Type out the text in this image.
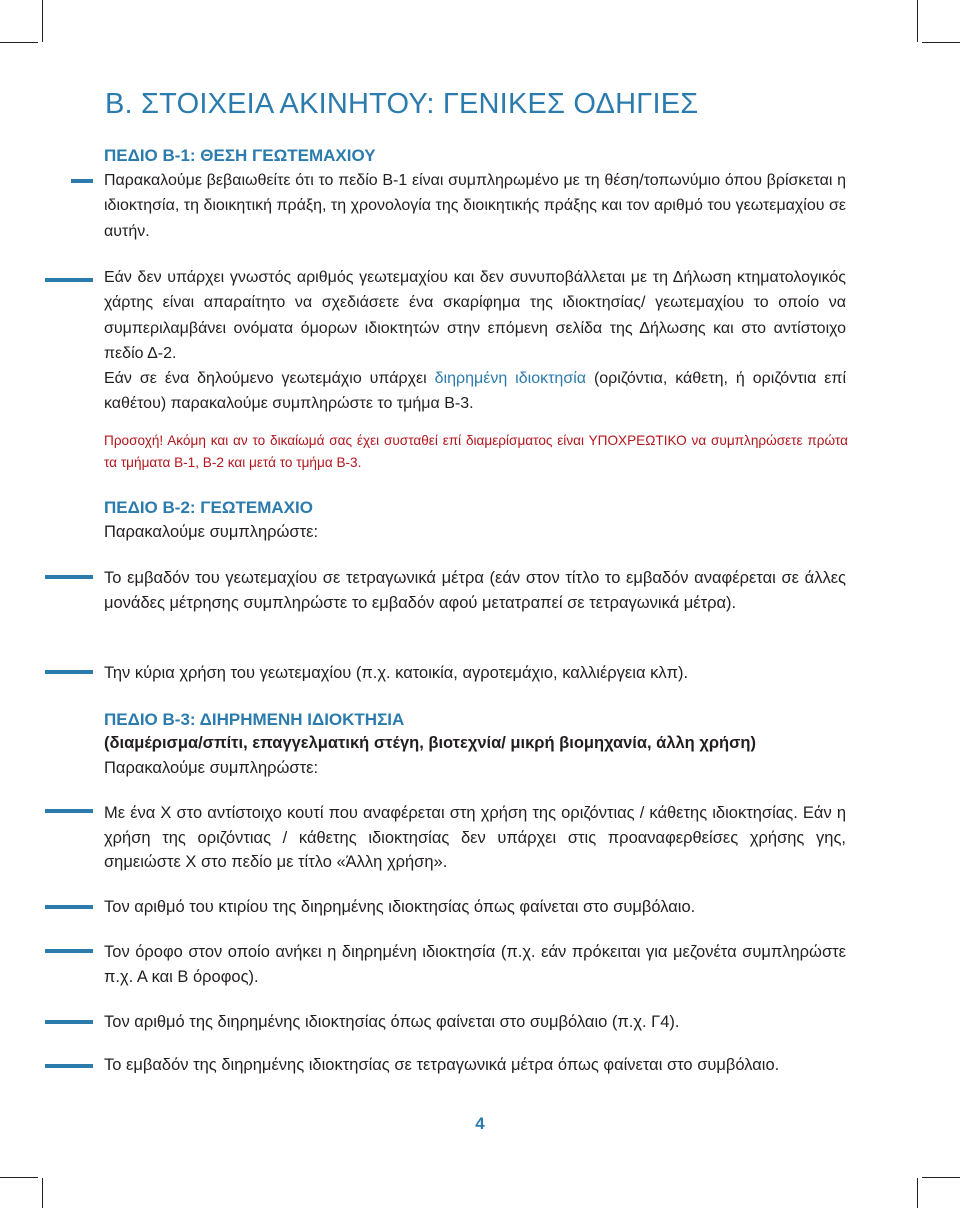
B. ΣΤΟΙΧΕΙΑ ΑΚΙΝΗΤΟΥ: ΓΕΝΙΚΕΣ ΟΔΗΓΙΕΣ
ΠΕΔΙΟ Β-1: ΘΕΣΗ ΓΕΩΤΕΜΑΧΙΟΥ

Παρακαλούμε βεβαιωθείτε ότι το πεδίο Β-1 είναι συμπληρωμένο με τη θέση/τοπωνύμιο όπου βρίσκεται η ιδιοκτησία, τη διοικητική πράξη, τη χρονολογία της διοικητικής πράξης και τον αριθμό του γεωτεμαχίου σε αυτήν.

Εάν δεν υπάρχει γνωστός αριθμός γεωτεμαχίου και δεν συνυποβάλλεται με τη Δήλωση κτηματολογικός χάρτης είναι απαραίτητο να σχεδιάσετε ένα σκαρίφημα της ιδιοκτησίας/ γεωτεμαχίου το οποίο να συμπεριλαμβάνει ονόματα όμορων ιδιοκτητών στην επόμενη σελίδα της Δήλωσης και στο αντίστοιχο πεδίο Δ-2.

Εάν σε ένα δηλούμενο γεωτεμάχιο υπάρχει διηρημένη ιδιοκτησία (οριζόντια, κάθετη, ή οριζόντια επί καθέτου) παρακαλούμε συμπληρώστε το τμήμα Β-3.

Προσοχή! Ακόμη και αν το δικαίωμά σας έχει συσταθεί επί διαμερίσματος είναι ΥΠΟΧΡΕΩΤΙΚΟ να συμπληρώσετε πρώτα τα τμήματα Β-1, Β-2 και μετά το τμήμα Β-3.

ΠΕΔΙΟ Β-2: ΓΕΩΤΕΜΑΧΙΟ

Παρακαλούμε συμπληρώστε:

Το εμβαδόν του γεωτεμαχίου σε τετραγωνικά μέτρα (εάν στον τίτλο το εμβαδόν αναφέρεται σε άλλες μονάδες μέτρησης συμπληρώστε το εμβαδόν αφού μετατραπεί σε τετραγωνικά μέτρα).

Την κύρια χρήση του γεωτεμαχίου (π.χ. κατοικία, αγροτεμάχιο, καλλιέργεια κλπ).

ΠΕΔΙΟ Β-3: ΔΙΗΡΗΜΕΝΗ ΙΔΙΟΚΤΗΣΙΑ

(διαμέρισμα/σπίτι, επαγγελματική στέγη, βιοτεχνία/ μικρή βιομηχανία, άλλη χρήση)

Παρακαλούμε συμπληρώστε:

Με ένα Χ στο αντίστοιχο κουτί που αναφέρεται στη χρήση της οριζόντιας / κάθετης ιδιοκτησίας. Εάν η χρήση της οριζόντιας / κάθετης ιδιοκτησίας δεν υπάρχει στις προαναφερθείσες χρήσης γης, σημειώστε Χ στο πεδίο με τίτλο «Άλλη χρήση».

Τον αριθμό του κτιρίου της διηρημένης ιδιοκτησίας όπως φαίνεται στο συμβόλαιο.

Τον όροφο στον οποίο ανήκει η διηρημένη ιδιοκτησία (π.χ. εάν πρόκειται για μεζονέτα συμπληρώστε π.χ. Α και Β όροφος).

Τον αριθμό της διηρημένης ιδιοκτησίας όπως φαίνεται στο συμβόλαιο (π.χ. Γ4).

Το εμβαδόν της διηρημένης ιδιοκτησίας σε τετραγωνικά μέτρα όπως φαίνεται στο συμβόλαιο.

4
